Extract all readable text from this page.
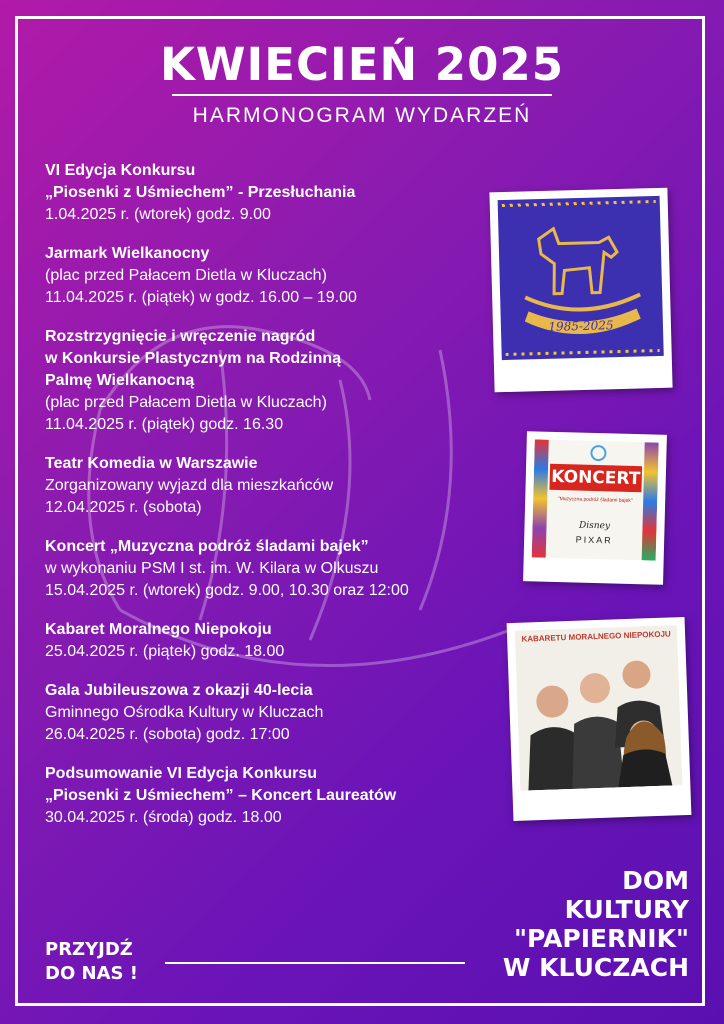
KWIECIEŃ 2025
HARMONOGRAM WYDARZEŃ
VI Edycja Konkursu
„Piosenki z Uśmiechem” - Przesłuchania
1.04.2025 r. (wtorek) godz. 9.00
Jarmark Wielkanocny
(plac przed Pałacem Dietla w Kluczach)
11.04.2025 r. (piątek) w godz. 16.00 – 19.00
Rozstrzygnięcie i wręczenie nagród
w Konkursie Plastycznym na Rodzinną
Palmę Wielkanocną
(plac przed Pałacem Dietla w Kluczach)
11.04.2025 r. (piątek) godz. 16.30
Teatr Komedia w Warszawie
Zorganizowany wyjazd dla mieszkańców
12.04.2025 r. (sobota)
Koncert „Muzyczna podróż śladami bajek”
w wykonaniu PSM I st. im. W. Kilara w Olkuszu
15.04.2025 r. (wtorek) godz. 9.00, 10.30 oraz 12:00
Kabaret Moralnego Niepokoju
25.04.2025 r. (piątek) godz. 18.00
Gala Jubileuszowa z okazji 40-lecia
Gminnego Ośrodka Kultury w Kluczach
26.04.2025 r. (sobota) godz. 17:00
Podsumowanie VI Edycja Konkursu
„Piosenki z Uśmiechem” – Koncert Laureatów
30.04.2025 r. (środa) godz. 18.00
1985-2025
KONCERT
"Muzyczna podróż śladami bajek"
Disney
PIXAR
KABARETU MORALNEGO NIEPOKOJU
DOM
KULTURY
"PAPIERNIK"
W KLUCZACH
PRZYJDŹ
DO NAS !
